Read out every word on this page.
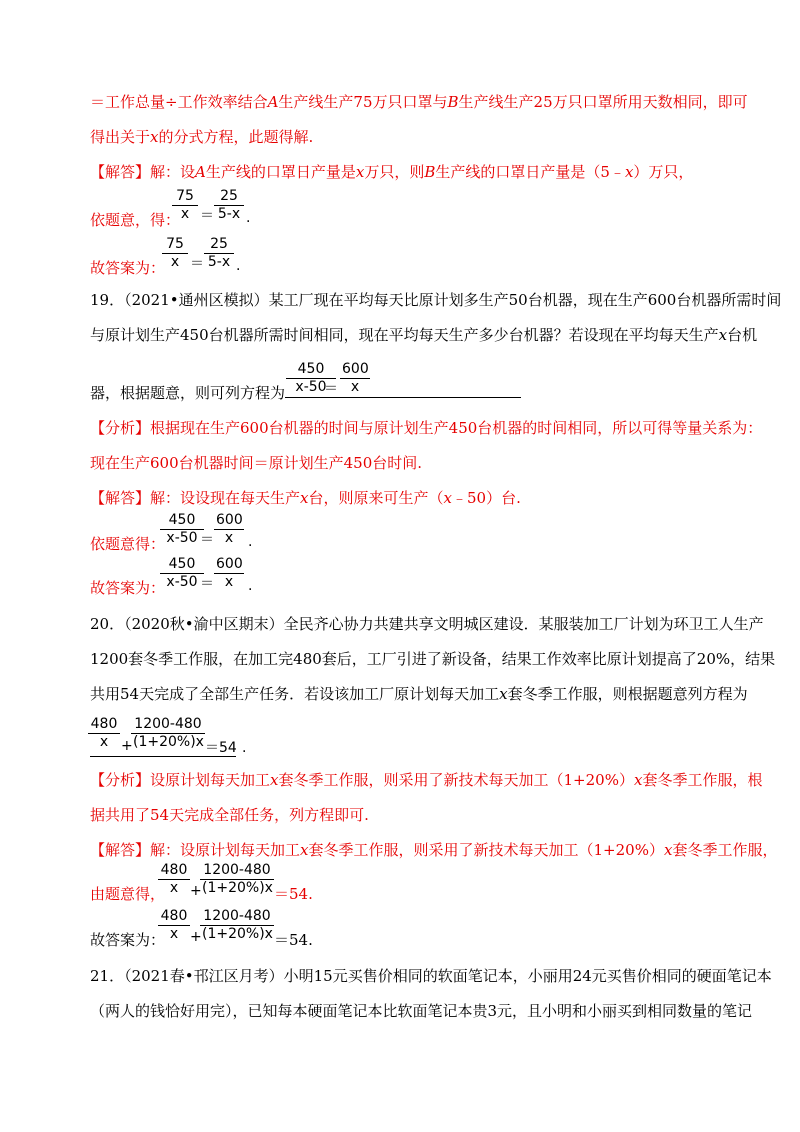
＝工作总量÷工作效率结合A生产线生产75万只口罩与B生产线生产25万只口罩所用天数相同，即可
得出关于x的分式方程，此题得解.
【解答】解：设A生产线的口罩日产量是x万只，则B生产线的口罩日产量是（5﹣x）万只，
依题意，得：
75
x ＝
25
5-x .
故答案为：
75
x ＝
25
5-x .
19．（2021•通州区模拟）某工厂现在平均每天比原计划多生产50台机器，现在生产600台机器所需时间
与原计划生产450台机器所需时间相同，现在平均每天生产多少台机器？若设现在平均每天生产x台机
器，根据题意，则可列方程为
450
x-50
＝
600
x
【分析】根据现在生产600台机器的时间与原计划生产450台机器的时间相同，所以可得等量关系为：
现在生产600台机器时间＝原计划生产450台时间.
【解答】解：设设现在每天生产x台，则原来可生产（x﹣50）台.
依题意得：
450
x-50 ＝
600
x	.
故答案为：
450
x-50 ＝
600
x	.
20．（2020秋•渝中区期末）全民齐心协力共建共享文明城区建设．某服装加工厂计划为环卫工人生产
1200套冬季工作服，在加工完480套后，工厂引进了新设备，结果工作效率比原计划提高了20%，结果
共用54天完成了全部生产任务．若设该加工厂原计划每天加工x套冬季工作服，则根据题意列方程为
480
x +
1200-480
(1+20%)x ＝54 .
【分析】设原计划每天加工x套冬季工作服，则采用了新技术每天加工（1+20%）x套冬季工作服，根
据共用了54天完成全部任务，列方程即可.
【解答】解：设原计划每天加工x套冬季工作服，则采用了新技术每天加工（1+20%）x套冬季工作服，
由题意得，
480
x +
1200-480
(1+20%)x ＝54.
故答案为：
480
x +
1200-480
(1+20%)x ＝54.
21．（2021春•邗江区月考）小明15元买售价相同的软面笔记本，小丽用24元买售价相同的硬面笔记本
（两人的钱恰好用完），已知每本硬面笔记本比软面笔记本贵3元，且小明和小丽买到相同数量的笔记
